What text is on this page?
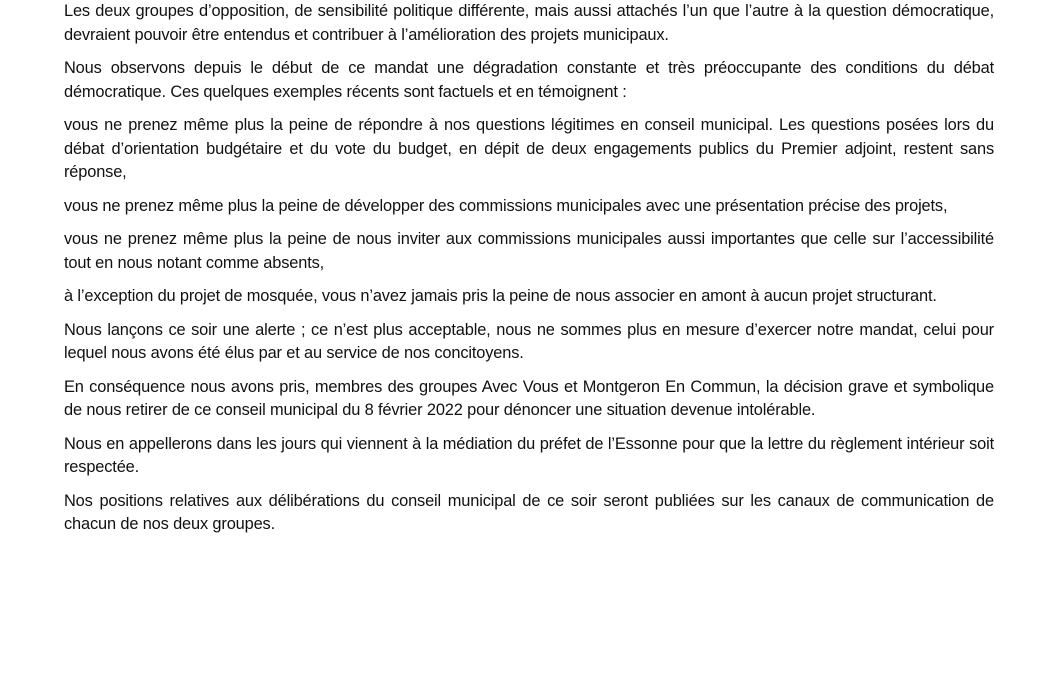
Les deux groupes d’opposition, de sensibilité politique différente, mais aussi attachés l’un que l’autre à la question démocratique, devraient pouvoir être entendus et contribuer à l’amélioration des projets municipaux.

Nous observons depuis le début de ce mandat une dégradation constante et très préoccupante des conditions du débat démocratique. Ces quelques exemples récents sont factuels et en témoignent :

vous ne prenez même plus la peine de répondre à nos questions légitimes en conseil municipal. Les questions posées lors du débat d’orientation budgétaire et du vote du budget, en dépit de deux engagements publics du Premier adjoint, restent sans réponse,

vous ne prenez même plus la peine de développer des commissions municipales avec une présentation précise des projets,

vous ne prenez même plus la peine de nous inviter aux commissions municipales aussi importantes que celle sur l’accessibilité tout en nous notant comme absents,

à l’exception du projet de mosquée, vous n’avez jamais pris la peine de nous associer en amont à aucun projet structurant.

Nous lançons ce soir une alerte ; ce n’est plus acceptable, nous ne sommes plus en mesure d’exercer notre mandat, celui pour lequel nous avons été élus par et au service de nos concitoyens.

En conséquence nous avons pris, membres des groupes Avec Vous et Montgeron En Commun, la décision grave et symbolique de nous retirer de ce conseil municipal du 8 février 2022 pour dénoncer une situation devenue intolérable.

Nous en appellerons dans les jours qui viennent à la médiation du préfet de l’Essonne pour que la lettre du règlement intérieur soit respectée.

Nos positions relatives aux délibérations du conseil municipal de ce soir seront publiées sur les canaux de communication de chacun de nos deux groupes.
